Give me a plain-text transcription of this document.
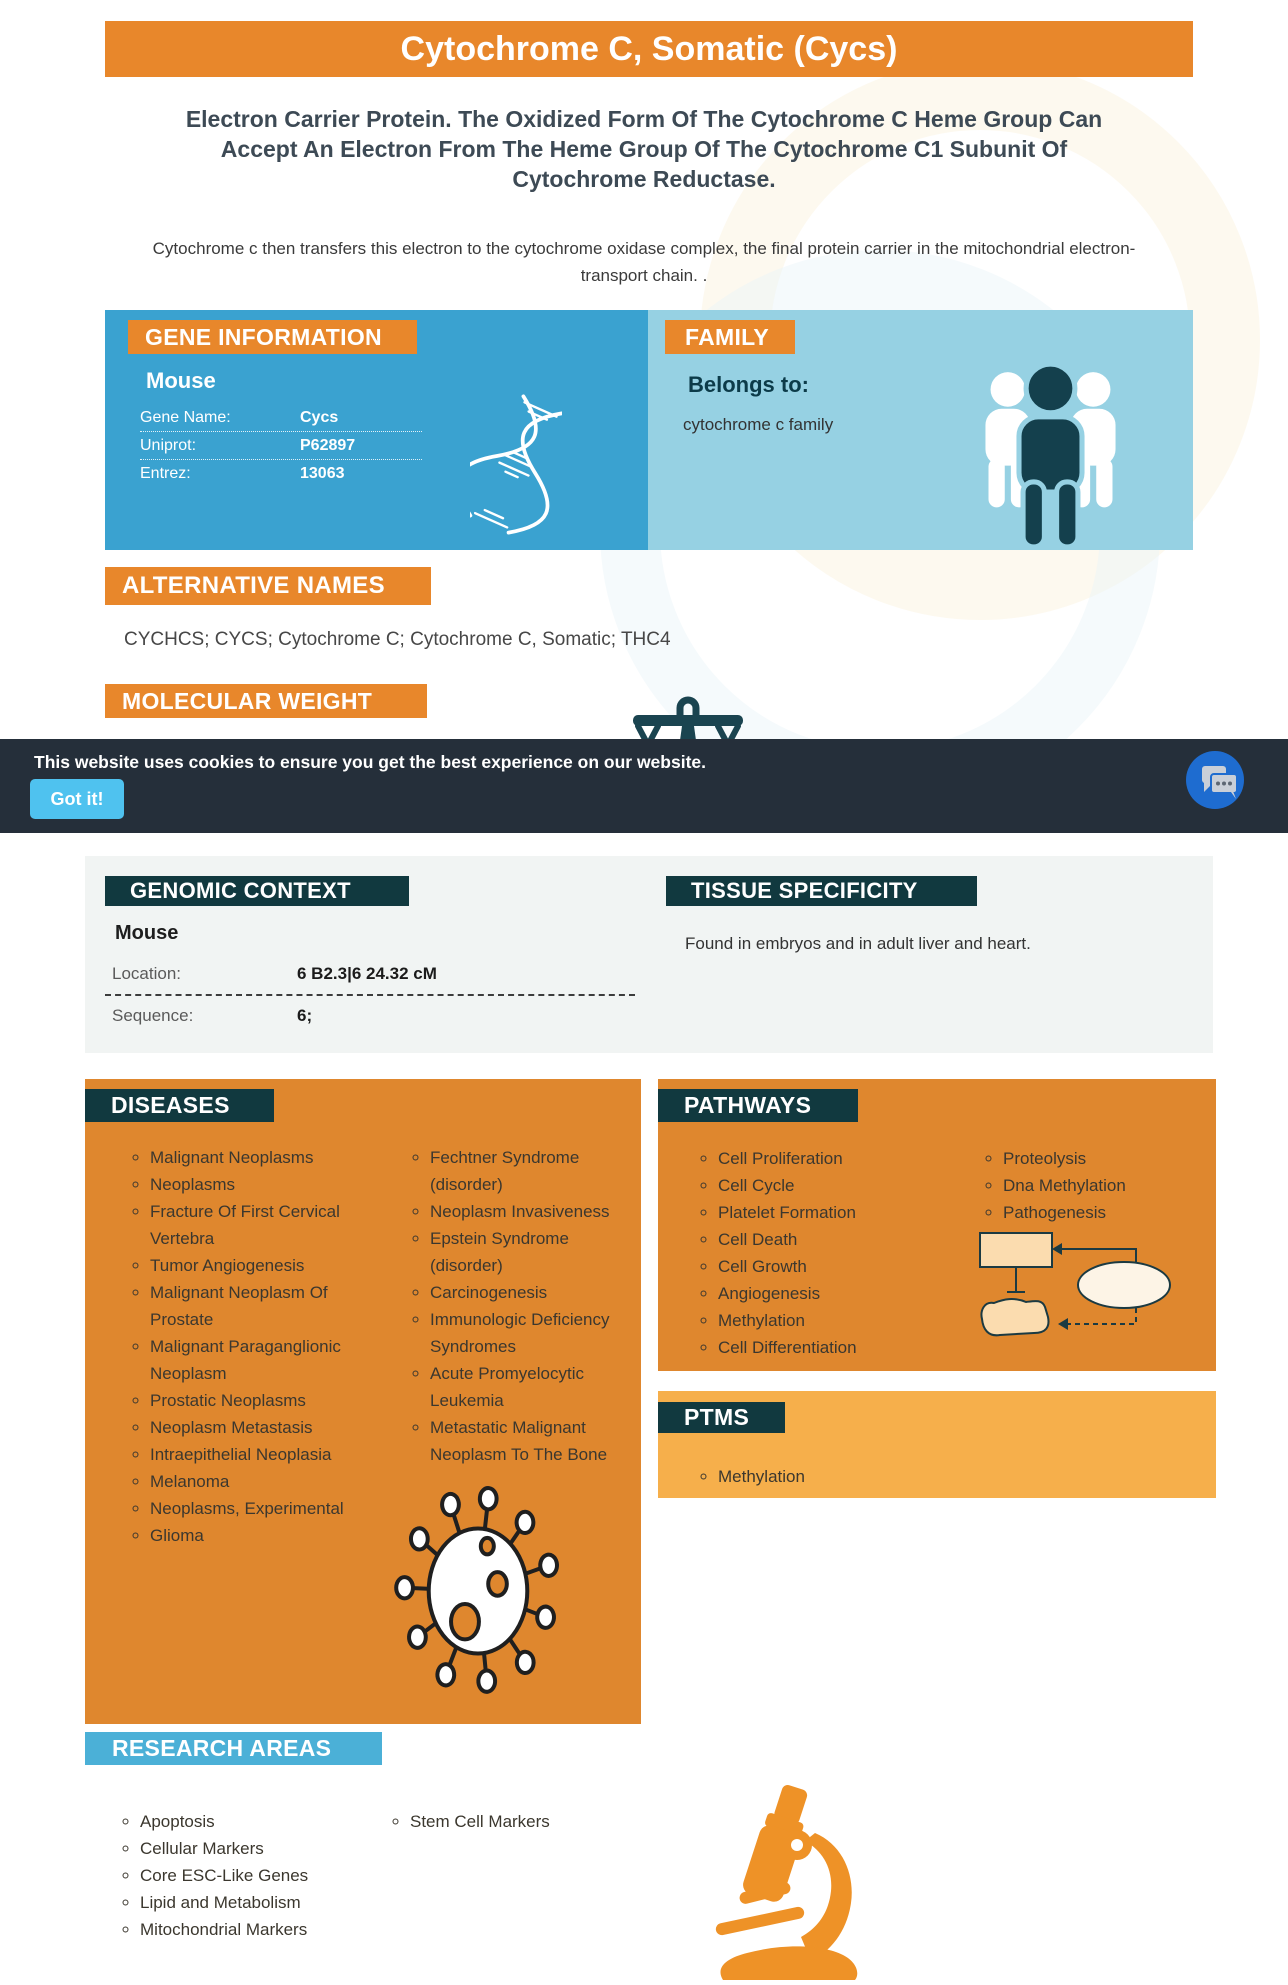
Cytochrome C, Somatic (Cycs)
Electron Carrier Protein. The Oxidized Form Of The Cytochrome C Heme Group Can Accept An Electron From The Heme Group Of The Cytochrome C1 Subunit Of Cytochrome Reductase.
Cytochrome c then transfers this electron to the cytochrome oxidase complex, the final protein carrier in the mitochondrial electron-transport chain. .
GENE INFORMATION
Mouse
Gene Name:	Cycs
Uniprot:	P62897
Entrez:	13063
FAMILY
Belongs to:
cytochrome c family
ALTERNATIVE NAMES
CYCHCS; CYCS; Cytochrome C; Cytochrome C, Somatic; THC4
MOLECULAR WEIGHT
This website uses cookies to ensure you get the best experience on our website.
Got it!
GENOMIC CONTEXT	TISSUE SPECIFICITY
Mouse
Location:	6 B2.3|6 24.32 cM
Sequence:	6;
Found in embryos and in adult liver and heart.
DISEASES
◦ Malignant Neoplasms
◦ Neoplasms
◦ Fracture Of First Cervical Vertebra
◦ Tumor Angiogenesis
◦ Malignant Neoplasm Of Prostate
◦ Malignant Paraganglionic Neoplasm
◦ Prostatic Neoplasms
◦ Neoplasm Metastasis
◦ Intraepithelial Neoplasia
◦ Melanoma
◦ Neoplasms, Experimental
◦ Glioma
◦ Fechtner Syndrome (disorder)
◦ Neoplasm Invasiveness
◦ Epstein Syndrome (disorder)
◦ Carcinogenesis
◦ Immunologic Deficiency Syndromes
◦ Acute Promyelocytic Leukemia
◦ Metastatic Malignant Neoplasm To The Bone
PATHWAYS
◦ Cell Proliferation
◦ Cell Cycle
◦ Platelet Formation
◦ Cell Death
◦ Cell Growth
◦ Angiogenesis
◦ Methylation
◦ Cell Differentiation
◦ Proteolysis
◦ Dna Methylation
◦ Pathogenesis
PTMS
◦ Methylation
RESEARCH AREAS
◦ Apoptosis
◦ Cellular Markers
◦ Core ESC-Like Genes
◦ Lipid and Metabolism
◦ Mitochondrial Markers
◦ Stem Cell Markers
